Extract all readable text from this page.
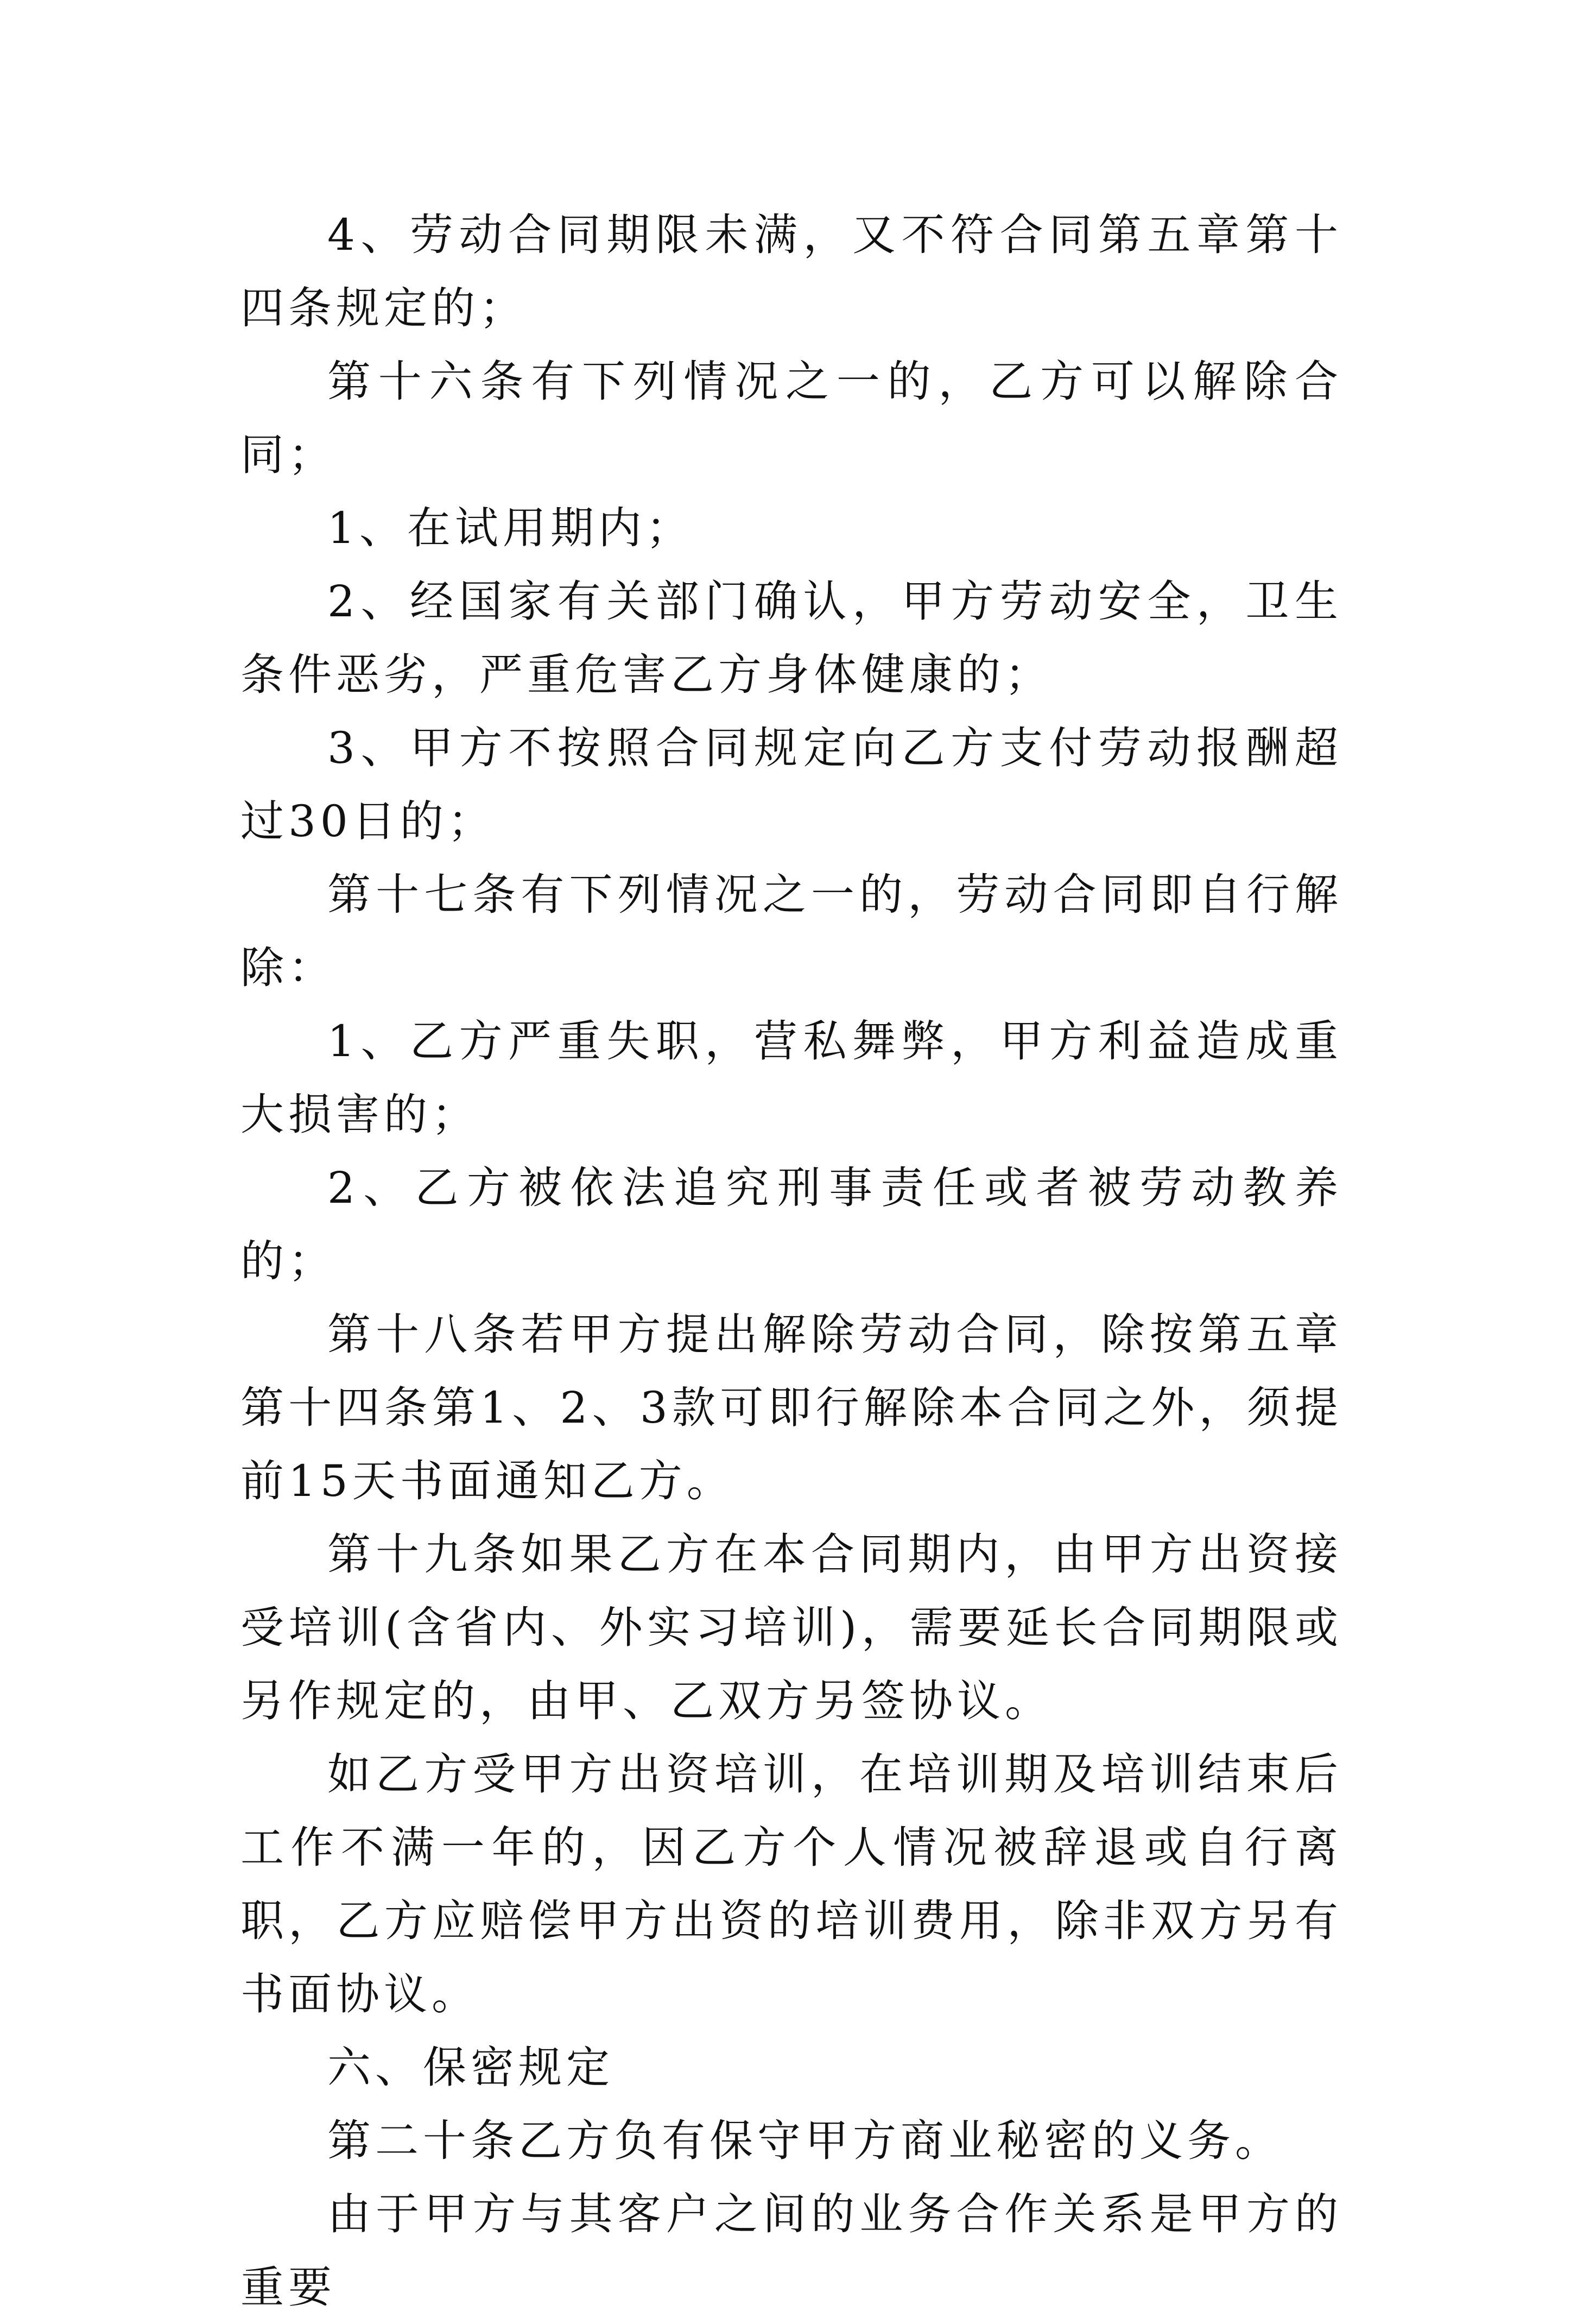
4、劳动合同期限未满，又不符合同第五章第十四条规定的；

第十六条有下列情况之一的，乙方可以解除合同；

1、在试用期内；

2、经国家有关部门确认，甲方劳动安全，卫生条件恶劣，严重危害乙方身体健康的；

3、甲方不按照合同规定向乙方支付劳动报酬超过30日的；

第十七条有下列情况之一的，劳动合同即自行解除：

1、乙方严重失职，营私舞弊，甲方利益造成重大损害的；

2、乙方被依法追究刑事责任或者被劳动教养的；

第十八条若甲方提出解除劳动合同，除按第五章第十四条第1、2、3款可即行解除本合同之外，须提前15天书面通知乙方。

第十九条如果乙方在本合同期内，由甲方出资接受培训(含省内、外实习培训)，需要延长合同期限或另作规定的，由甲、乙双方另签协议。

如乙方受甲方出资培训，在培训期及培训结束后工作不满一年的，因乙方个人情况被辞退或自行离职，乙方应赔偿甲方出资的培训费用，除非双方另有书面协议。

六、保密规定

第二十条乙方负有保守甲方商业秘密的义务。

由于甲方与其客户之间的业务合作关系是甲方的重要
